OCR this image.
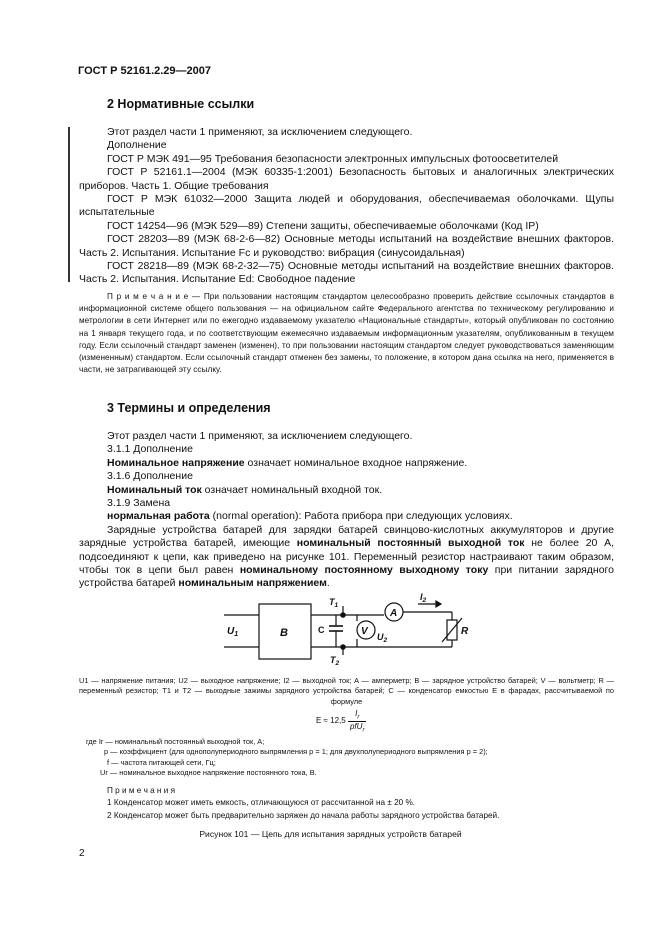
ГОСТ Р 52161.2.29—2007
2 Нормативные ссылки

Этот раздел части 1 применяют, за исключением следующего.

Дополнение

ГОСТ Р МЭК 491—95 Требования безопасности электронных импульсных фотоосветителей

ГОСТ Р 52161.1—2004 (МЭК 60335-1:2001) Безопасность бытовых и аналогичных электрических приборов. Часть 1. Общие требования

ГОСТ Р МЭК 61032—2000 Защита людей и оборудования, обеспечиваемая оболочками. Щупы испытательные

ГОСТ 14254—96 (МЭК 529—89) Степени защиты, обеспечиваемые оболочками (Код IP)

ГОСТ 28203—89 (МЭК 68-2-6—82) Основные методы испытаний на воздействие внешних факторов. Часть 2. Испытания. Испытание Fc и руководство: вибрация (синусоидальная)

ГОСТ 28218—89 (МЭК 68-2-32—75) Основные методы испытаний на воздействие внешних факторов. Часть 2. Испытания. Испытание Ed: Свободное падение

П р и м е ч а н и е — При пользовании настоящим стандартом целесообразно проверить действие ссылочных стандартов в информационной системе общего пользования — на официальном сайте Федерального агентства по техническому регулированию и метрологии в сети Интернет или по ежегодно издаваемому указателю «Национальные стандарты», который опубликован по состоянию на 1 января текущего года, и по соответствующим ежемесячно издаваемым информационным указателям, опубликованным в текущем году. Если ссылочный стандарт заменен (изменен), то при пользовании настоящим стандартом следует руководствоваться заменяющим (измененным) стандартом. Если ссылочный стандарт отменен без замены, то положение, в котором дана ссылка на него, применяется в части, не затрагивающей эту ссылку.

3 Термины и определения

Этот раздел части 1 применяют, за исключением следующего.

3.1.1 Дополнение

Номинальное напряжение означает номинальное входное напряжение.

3.1.6 Дополнение

Номинальный ток означает номинальный входной ток.

3.1.9 Замена

нормальная работа (normal operation): Работа прибора при следующих условиях.

Зарядные устройства батарей для зарядки батарей свинцово-кислотных аккумуляторов и другие зарядные устройства батарей, имеющие номинальный постоянный выходной ток не более 20 А, подсоединяют к цепи, как приведено на рисунке 101. Переменный резистор настраивают таким образом, чтобы ток в цепи был равен номинальному постоянному выходному току при питании зарядного устройства батарей номинальным напряжением.

$U_1$	B	C
$T_1$
$T_2$
A
V $U_2$
$I_2$
R

U1 — напряжение питания; U2 — выходное напряжение; I2 — выходной ток; A — амперметр; B — зарядное устройство батарей; V — вольтметр; R — переменный резистор; T1 и T2 — выходные зажимы зарядного устройства батарей; C — конденсатор емкостью E в фарадах, рассчитываемой по формуле

E ≈ 12,5
$I_r$
pfU$_r$
где Ir — номинальный постоянный выходной ток, А;
p — коэффициент (для однополупериодного выпрямления p = 1; для двухполупериодного выпрямления p = 2);
f — частота питающей сети, Гц;
Ur — номинальное выходное напряжение постоянного тока, В.

П р и м е ч а н и я

1 Конденсатор может иметь емкость, отличающуюся от рассчитанной на ± 20 %.

2 Конденсатор может быть предварительно заряжен до начала работы зарядного устройства батарей.

Рисунок 101 — Цепь для испытания зарядных устройств батарей
2
